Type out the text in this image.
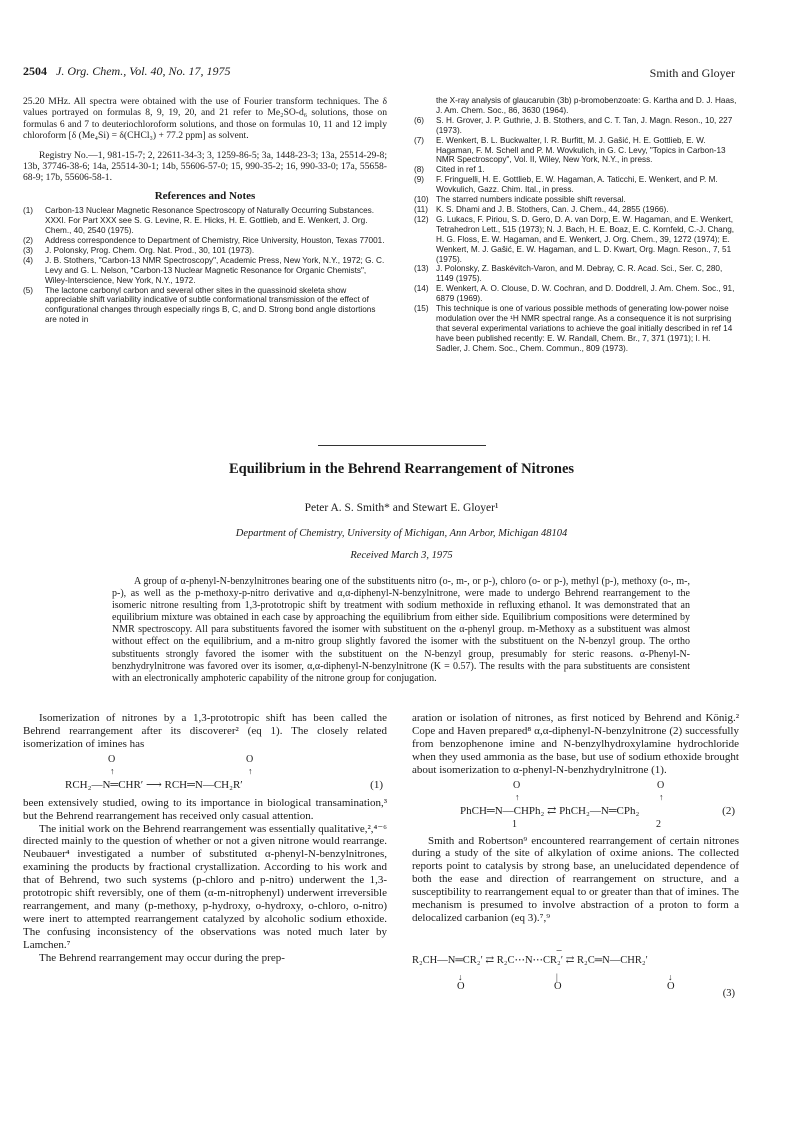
2504 J. Org. Chem., Vol. 40, No. 17, 1975	Smith and Gloyer

25.20 MHz. All spectra were obtained with the use of Fourier transform techniques. The δ values portrayed on formulas 8, 9, 19, 20, and 21 refer to Me₂SO-d₆ solutions, those on formulas 6 and 7 to deuteriochloroform solutions, and those on formulas 10, 11 and 12 imply chloroform [δ (Me₄Si) = δ(CHCl₃) + 77.2 ppm] as solvent.

Registry No.—1, 981-15-7; 2, 22611-34-3; 3, 1259-86-5; 3a, 1448-23-3; 13a, 25514-29-8; 13b, 37746-38-6; 14a, 25514-30-1; 14b, 55606-57-0; 15, 990-35-2; 16, 990-33-0; 17a, 55658-68-9; 17b, 55606-58-1.

References and Notes

(1) Carbon-13 Nuclear Magnetic Resonance Spectroscopy of Naturally Occurring Substances. XXXI. For Part XXX see S. G. Levine, R. E. Hicks, H. E. Gottlieb, and E. Wenkert, J. Org. Chem., 40, 2540 (1975).

(2) Address correspondence to Department of Chemistry, Rice University, Houston, Texas 77001.

(3) J. Polonsky, Prog. Chem. Org. Nat. Prod., 30, 101 (1973).

(4) J. B. Stothers, "Carbon-13 NMR Spectroscopy", Academic Press, New York, N.Y., 1972; G. C. Levy and G. L. Nelson, "Carbon-13 Nuclear Magnetic Resonance for Organic Chemists", Wiley-Interscience, New York, N.Y., 1972.

(5) The lactone carbonyl carbon and several other sites in the quassinoid skeleta show appreciable shift variability indicative of subtle conformational transmission of the effect of configurational changes through especially rings B, C, and D. Strong bond angle distortions are noted in

the X-ray analysis of glaucarubin (3b) p-bromobenzoate: G. Kartha and D. J. Haas, J. Am. Chem. Soc., 86, 3630 (1964).

(6) S. H. Grover, J. P. Guthrie, J. B. Stothers, and C. T. Tan, J. Magn. Reson., 10, 227 (1973).

(7) E. Wenkert, B. L. Buckwalter, I. R. Burfitt, M. J. Gašić, H. E. Gottlieb, E. W. Hagaman, F. M. Schell and P. M. Wovkulich, in G. C. Levy, "Topics in Carbon-13 NMR Spectroscopy", Vol. II, Wiley, New York, N.Y., in press.

(8) Cited in ref 1.

(9) F. Fringuelli, H. E. Gottlieb, E. W. Hagaman, A. Taticchi, E. Wenkert, and P. M. Wovkulich, Gazz. Chim. Ital., in press.

(10) The starred numbers indicate possible shift reversal.

(11) K. S. Dhami and J. B. Stothers, Can. J. Chem., 44, 2855 (1966).

(12) G. Lukacs, F. Piriou, S. D. Gero, D. A. van Dorp, E. W. Hagaman, and E. Wenkert, Tetrahedron Lett., 515 (1973); N. J. Bach, H. E. Boaz, E. C. Kornfeld, C.-J. Chang, H. G. Floss, E. W. Hagaman, and E. Wenkert, J. Org. Chem., 39, 1272 (1974); E. Wenkert, M. J. Gašić, E. W. Hagaman, and L. D. Kwart, Org. Magn. Reson., 7, 51 (1975).

(13) J. Polonsky, Z. Baskévitch-Varon, and M. Debray, C. R. Acad. Sci., Ser. C, 280, 1149 (1975).

(14) E. Wenkert, A. O. Clouse, D. W. Cochran, and D. Doddrell, J. Am. Chem. Soc., 91, 6879 (1969).

(15) This technique is one of various possible methods of generating low-power noise modulation over the ¹H NMR spectral range. As a consequence it is not surprising that several experimental variations to achieve the goal initially described in ref 14 have been published recently: E. W. Randall, Chem. Br., 7, 371 (1971); I. H. Sadler, J. Chem. Soc., Chem. Commun., 809 (1973).

Equilibrium in the Behrend Rearrangement of Nitrones
Peter A. S. Smith* and Stewart E. Gloyer¹
Department of Chemistry, University of Michigan, Ann Arbor, Michigan 48104
Received March 3, 1975
A group of α-phenyl-N-benzylnitrones bearing one of the substituents nitro (o-, m-, or p-), chloro (o- or p-), methyl (p-), methoxy (o-, m-, p-), as well as the p-methoxy-p-nitro derivative and α,α-diphenyl-N-benzylnitrone, were made to undergo Behrend rearrangement to the isomeric nitrone resulting from 1,3-prototropic shift by treatment with sodium methoxide in refluxing ethanol. It was demonstrated that an equilibrium mixture was obtained in each case by approaching the equilibrium from either side. Equilibrium compositions were determined by NMR spectroscopy. All para substituents favored the isomer with substituent on the α-phenyl group. m-Methoxy as a substituent was almost without effect on the equilibrium, and a m-nitro group slightly favored the isomer with the substituent on the N-benzyl group. The ortho substituents strongly favored the isomer with the substituent on the N-benzyl group, presumably for steric reasons. α-Phenyl-N-benzhydrylnitrone was favored over its isomer, α,α-diphenyl-N-benzylnitrone (K = 0.57). The results with the para substituents are consistent with an electronically amphoteric capability of the nitrone group for conjugation.

Isomerization of nitrones by a 1,3-prototropic shift has been called the Behrend rearrangement after its discoverer² (eq 1). The closely related isomerization of imines has

O
↑
O
↑
RCH₂—N═CHR′ ⟶ RCH═N—CH₂R′	(1)

been extensively studied, owing to its importance in biological transamination,³ but the Behrend rearrangement has received only casual attention.

The initial work on the Behrend rearrangement was essentially qualitative,²,⁴⁻⁶ directed mainly to the question of whether or not a given nitrone would rearrange. Neubauer⁴ investigated a number of substituted α-phenyl-N-benzylnitrones, examining the products by fractional crystallization. According to his work and that of Behrend, two such systems (p-chloro and p-nitro) underwent the 1,3-prototropic shift reversibly, one of them (α-m-nitrophenyl) underwent irreversible rearrangement, and many (p-methoxy, p-hydroxy, o-hydroxy, o-chloro, o-nitro) were inert to attempted rearrangement catalyzed by alcoholic sodium ethoxide. The confusing inconsistency of the observations was noted much later by Lamchen.⁷

The Behrend rearrangement may occur during the prep-

aration or isolation of nitrones, as first noticed by Behrend and König.² Cope and Haven prepared⁸ α,α-diphenyl-N-benzylnitrone (2) successfully from benzophenone imine and N-benzylhydroxylamine hydrochloride when they used ammonia as the base, but use of sodium ethoxide brought about isomerization to α-phenyl-N-benzhydrylnitrone (1).

O
↑
O
↑
PhCH═N—CHPh₂ ⇄ PhCH₂—N═CPh₂
1	2
(2)

Smith and Robertson⁹ encountered rearrangement of certain nitrones during a study of the site of alkylation of oxime anions. The collected reports point to catalysis by strong base, an unelucidated dependence of both the ease and direction of rearrangement on structure, and a susceptibility to rearrangement equal to or greater than that of imines. The mechanism is presumed to involve abstraction of a proton to form a delocalized carbanion (eq 3).⁷,⁹

−
R₂CH—N═CR₂′ ⇄ R₂C⋯N⋯CR₂′ ⇄ R₂C═N—CHR₂′
↓
O
|
O
↓
O
(3)
